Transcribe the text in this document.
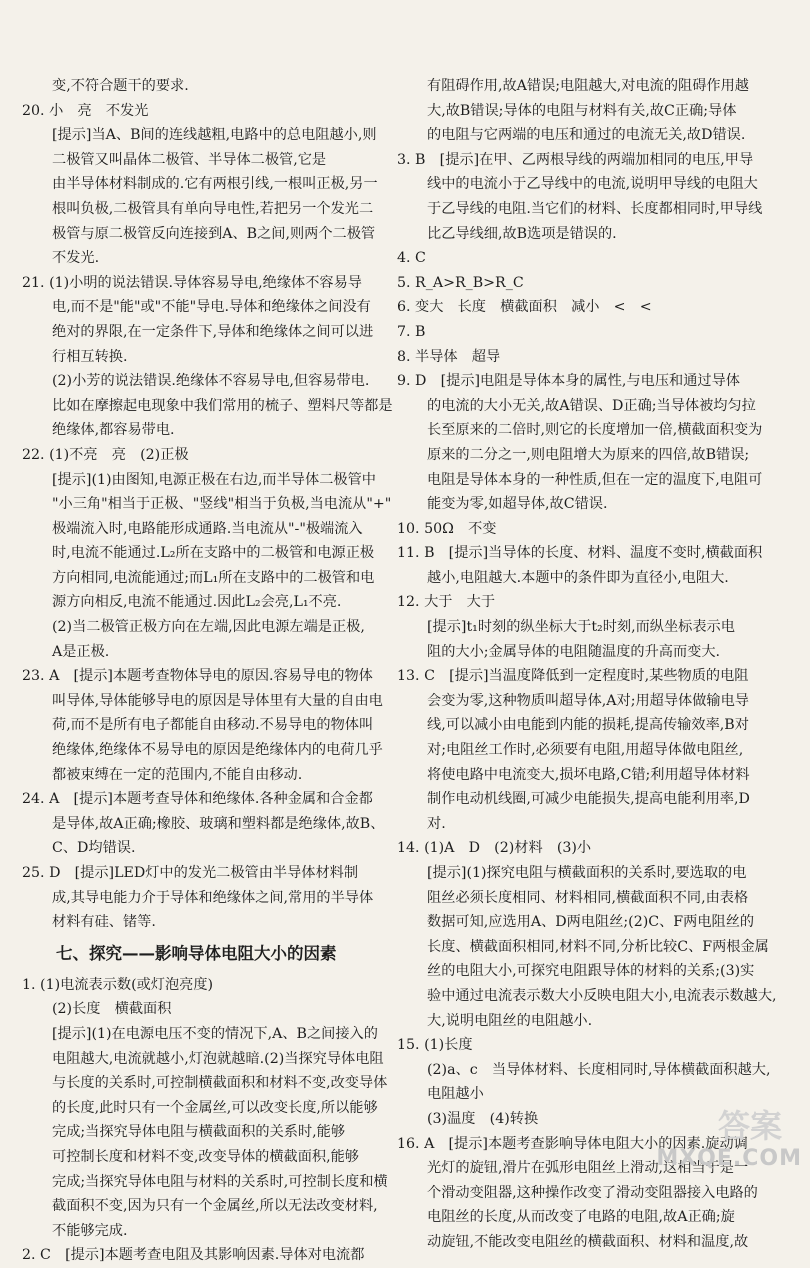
变,不符合题干的要求.
20. 小　亮　不发光
[提示]当A、B间的连线越粗,电路中的总电阻越小,则
二极管又叫晶体二极管、半导体二极管,它是
由半导体材料制成的.它有两根引线,一根叫正极,另一
根叫负极,二极管具有单向导电性,若把另一个发光二
极管与原二极管反向连接到A、B之间,则两个二极管
不发光.
21. (1)小明的说法错误.导体容易导电,绝缘体不容易导
电,而不是"能"或"不能"导电.导体和绝缘体之间没有
绝对的界限,在一定条件下,导体和绝缘体之间可以进
行相互转换.
(2)小芳的说法错误.绝缘体不容易导电,但容易带电.
比如在摩擦起电现象中我们常用的梳子、塑料尺等都是
绝缘体,都容易带电.
22. (1)不亮　亮　(2)正极
[提示](1)由图知,电源正极在右边,而半导体二极管中
"小三角"相当于正极、"竖线"相当于负极,当电流从"+"
极端流入时,电路能形成通路.当电流从"-"极端流入
时,电流不能通过.L₂所在支路中的二极管和电源正极
方向相同,电流能通过;而L₁所在支路中的二极管和电
源方向相反,电流不能通过.因此L₂会亮,L₁不亮.
(2)当二极管正极方向在左端,因此电源左端是正极,
A是正极.
23. A　[提示]本题考查物体导电的原因.容易导电的物体
叫导体,导体能够导电的原因是导体里有大量的自由电
荷,而不是所有电子都能自由移动.不易导电的物体叫
绝缘体,绝缘体不易导电的原因是绝缘体内的电荷几乎
都被束缚在一定的范围内,不能自由移动.
24. A　[提示]本题考查导体和绝缘体.各种金属和合金都
是导体,故A正确;橡胶、玻璃和塑料都是绝缘体,故B、
C、D均错误.
25. D　[提示]LED灯中的发光二极管由半导体材料制
成,其导电能力介于导体和绝缘体之间,常用的半导体
材料有硅、锗等.
七、探究——影响导体电阻大小的因素
1. (1)电流表示数(或灯泡亮度)
(2)长度　横截面积
[提示](1)在电源电压不变的情况下,A、B之间接入的
电阻越大,电流就越小,灯泡就越暗.(2)当探究导体电阻
与长度的关系时,可控制横截面积和材料不变,改变导体
的长度,此时只有一个金属丝,可以改变长度,所以能够
完成;当探究导体电阻与横截面积的关系时,能够
可控制长度和材料不变,改变导体的横截面积,能够
完成;当探究导体电阻与材料的关系时,可控制长度和横
截面积不变,因为只有一个金属丝,所以无法改变材料,
不能够完成.
2. C　[提示]本题考查电阻及其影响因素.导体对电流都
有阻碍作用,故A错误;电阻越大,对电流的阻碍作用越
大,故B错误;导体的电阻与材料有关,故C正确;导体
的电阻与它两端的电压和通过的电流无关,故D错误.
3. B　[提示]在甲、乙两根导线的两端加相同的电压,甲导
线中的电流小于乙导线中的电流,说明甲导线的电阻大
于乙导线的电阻.当它们的材料、长度都相同时,甲导线
比乙导线细,故B选项是错误的.
4. C
5. R_A>R_B>R_C
6. 变大　长度　横截面积　减小　<　<
7. B
8. 半导体　超导
9. D　[提示]电阻是导体本身的属性,与电压和通过导体
的电流的大小无关,故A错误、D正确;当导体被均匀拉
长至原来的二倍时,则它的长度增加一倍,横截面积变为
原来的二分之一,则电阻增大为原来的四倍,故B错误;
电阻是导体本身的一种性质,但在一定的温度下,电阻可
能变为零,如超导体,故C错误.
10. 50Ω　不变
11. B　[提示]当导体的长度、材料、温度不变时,横截面积
越小,电阻越大.本题中的条件即为直径小,电阻大.
12. 大于　大于
[提示]t₁时刻的纵坐标大于t₂时刻,而纵坐标表示电
阻的大小;金属导体的电阻随温度的升高而变大.
13. C　[提示]当温度降低到一定程度时,某些物质的电阻
会变为零,这种物质叫超导体,A对;用超导体做输电导
线,可以减小由电能到内能的损耗,提高传输效率,B对
对;电阻丝工作时,必须要有电阻,用超导体做电阻丝,
将使电路中电流变大,损坏电路,C错;利用超导体材料
制作电动机线圈,可减少电能损失,提高电能利用率,D
对.
14. (1)A　D　(2)材料　(3)小
[提示](1)探究电阻与横截面积的关系时,要选取的电
阻丝必须长度相同、材料相同,横截面积不同,由表格
数据可知,应选用A、D两电阻丝;(2)C、F两电阻丝的
长度、横截面积相同,材料不同,分析比较C、F两根金属
丝的电阻大小,可探究电阻跟导体的材料的关系;(3)实
验中通过电流表示数大小反映电阻大小,电流表示数越大,
大,说明电阻丝的电阻越小.
15. (1)长度
(2)a、c　当导体材料、长度相同时,导体横截面积越大,
电阻越小
(3)温度　(4)转换
16. A　[提示]本题考查影响导体电阻大小的因素.旋动调
光灯的旋钮,滑片在弧形电阻丝上滑动,这相当于是一
个滑动变阻器,这种操作改变了滑动变阻器接入电路的
电阻丝的长度,从而改变了电路的电阻,故A正确;旋
动旋钮,不能改变电阻丝的横截面积、材料和温度,故
答案
MXQE.COM
